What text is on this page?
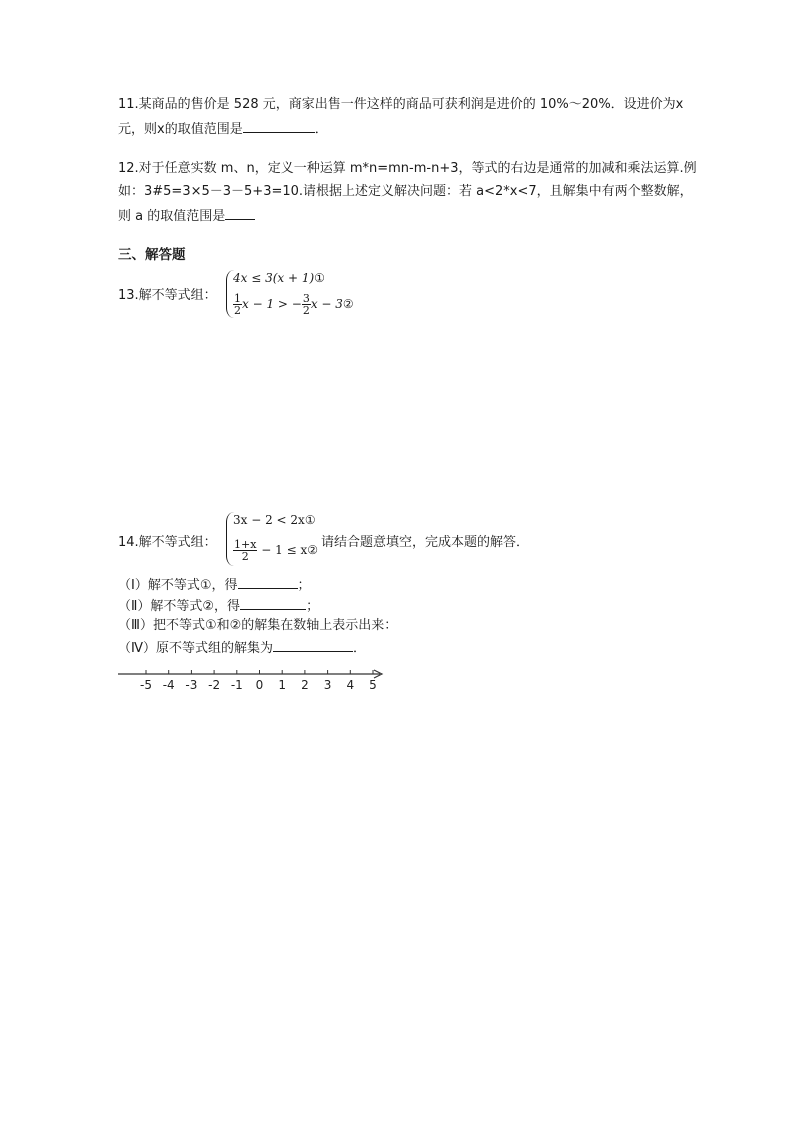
11.某商品的售价是 528 元，商家出售一件这样的商品可获利润是进价的 10%～20%．设进价为x
元，则x的取值范围是	．
12.对于任意实数 m、n，定义一种运算 m*n=mn-m-n+3，等式的右边是通常的加减和乘法运算.例
如：3#5=3×5－3－5+3=10.请根据上述定义解决问题：若 a<2*x<7，且解集中有两个整数解，
则 a 的取值范围是
三、解答题
13.解不等式组：
4x ≤ 3(x + 1)①
$\frac{1}{2}$ x − 1 > − $\frac{3}{2}$ x − 3②
14.解不等式组：
3x − 2 < 2x①
$\frac{1+x}{2} - 1$ ≤ x② 请结合题意填空，完成本题的解答．
（Ⅰ）解不等式①，得	；
（Ⅱ）解不等式②，得	；
（Ⅲ）把不等式①和②的解集在数轴上表示出来：
（Ⅳ）原不等式组的解集为	．
-5 -4 -3 -2 -1 0 1 2 3 4 5
